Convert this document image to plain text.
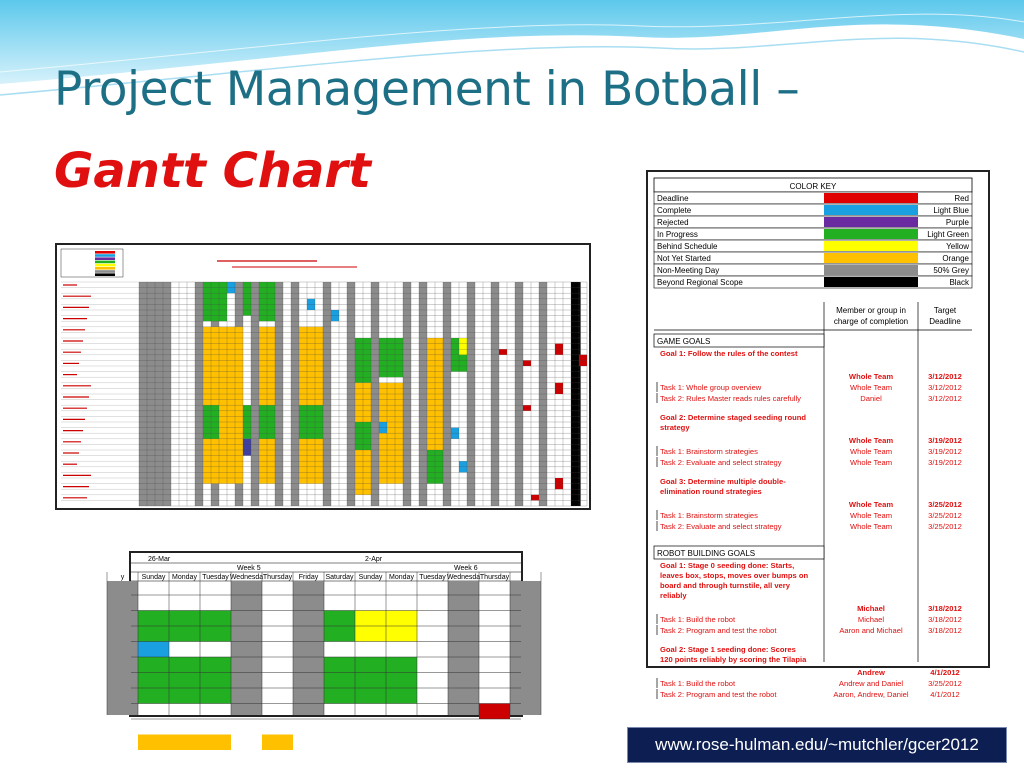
Project Management in Botball –
Gantt Chart
26-Mar	2-Apr
Week 5	Week 6
y Sunday Monday Tuesday Wednesda Thursday Friday Saturday Sunday Monday Tuesday Wednesda Thursday
COLOR KEY
Deadline	Red
Complete	Light Blue
Rejected	Purple
In Progress	Light Green
Behind Schedule	Yellow
Not Yet Started	Orange
Non-Meeting Day	50% Grey
Beyond Regional Scope	Black
Member or group in
charge of completion
Target
Deadline
GAME GOALS
Goal 1: Follow the rules of the contest
Whole Team	3/12/2012
Task 1: Whole group overview	Whole Team	3/12/2012
Task 2: Rules Master reads rules carefully	Daniel	3/12/2012
Goal 2: Determine staged seeding round
strategy
Whole Team	3/19/2012
Task 1: Brainstorm strategies	Whole Team	3/19/2012
Task 2: Evaluate and select strategy	Whole Team	3/19/2012
Goal 3: Determine multiple double-
elimination round strategies
Whole Team	3/25/2012
Task 1: Brainstorm strategies	Whole Team	3/25/2012
Task 2: Evaluate and select strategy	Whole Team	3/25/2012
ROBOT BUILDING GOALS
Goal 1: Stage 0 seeding done: Starts,
leaves box, stops, moves over bumps on
board and through turnstile, all very
reliably
Michael	3/18/2012
Task 1: Build the robot	Michael	3/18/2012
Task 2: Program and test the robot	Aaron and Michael	3/18/2012
Goal 2: Stage 1 seeding done: Scores
120 points reliably by scoring the Tilapia
Andrew	4/1/2012
Task 1: Build the robot	Andrew and Daniel	3/25/2012
Task 2: Program and test the robot	Aaron, Andrew, Daniel	4/1/2012
www.rose-hulman.edu/~mutchler/gcer2012
